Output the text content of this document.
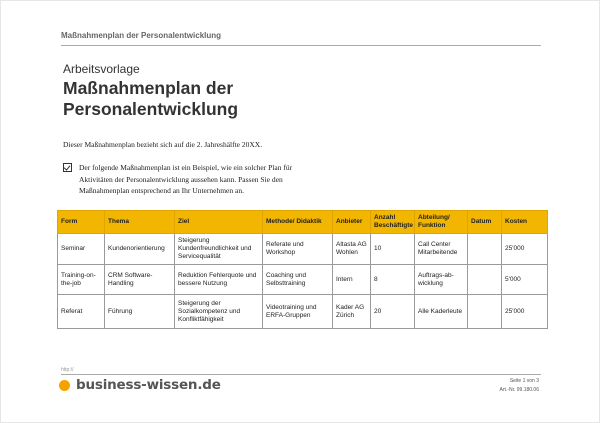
Maßnahmenplan der Personalentwicklung
Arbeitsvorlage
Maßnahmenplan der
Personalentwicklung
Dieser Maßnahmenplan bezieht sich auf die 2. Jahreshälfte 20XX.
Der folgende Maßnahmenplan ist ein Beispiel, wie ein solcher Plan für
Aktivitäten der Personalentwicklung aussehen kann. Passen Sie den
Maßnahmenplan entsprechend an Ihr Unternehmen an.
Form	Thema	Ziel	Methode/ Didaktik	Anbieter	Anzahl Beschäftigte	Abteilung/ Funktion	Datum	Kosten
Seminar	Kundenorientierung	Steigerung Kundenfreundlichkeit und Servicequalität	Referate und Workshop	Altasta AG Wohlen	10	Call Center Mitarbeitende		25'000
Training-on-the-job	CRM Software-Handling	Reduktion Fehlerquote und bessere Nutzung	Coaching und Selbsttraining	Intern	8	Auftrags-ab-wicklung		5'000
Referat	Führung	Steigerung der Sozialkompetenz und Konfliktfähigkeit	Videotraining und ERFA-Gruppen	Kader AG Zürich	20	Alle Kaderleute		25'000
http://
business-wissen.de	Seite 1 von 3
Art.-Nr. 99.180.06
